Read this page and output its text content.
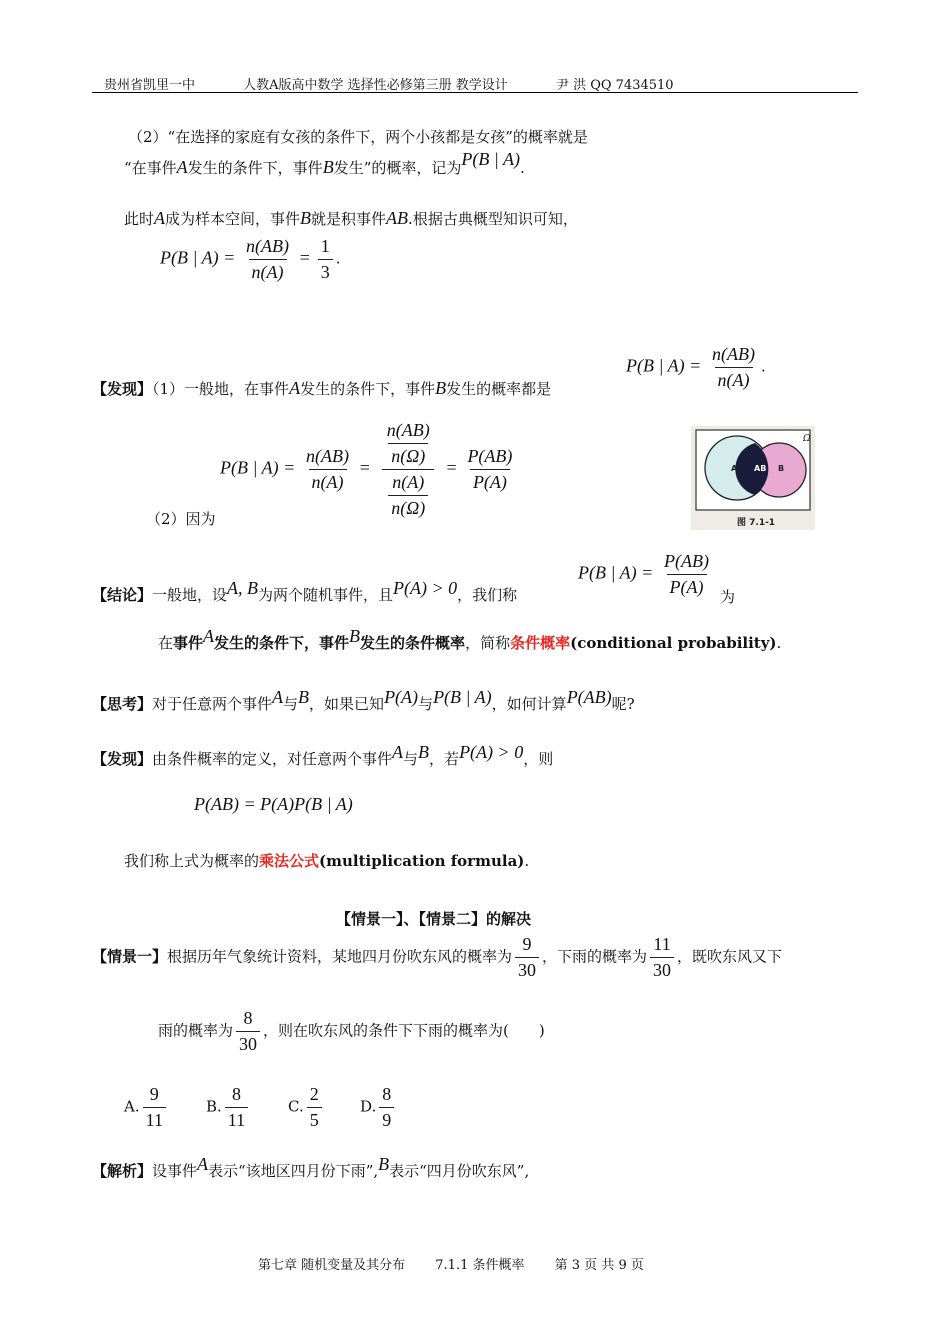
贵州省凯里一中	人教A版高中数学 选择性必修第三册 教学设计	尹 洪 QQ 7434510
（2）“在选择的家庭有女孩的条件下，两个小孩都是女孩”的概率就是
“在事件A发生的条件下，事件B发生”的概率，记为P(B | A).
此时A成为样本空间，事件B就是积事件AB.根据古典概型知识可知，
P(B | $A) = \frac{n(AB)}{n(A)} = \frac{1}{3}$ .
P(B | $A) = \frac{n(AB)}{n(A)}$ .
【发现】（1）一般地，在事件A发生的条件下，事件B发生的概率都是
P(B | $A) = \frac{n(AB)}{n(A)} = \frac{\frac{n(AB)}{n(\Omega)}}{\frac{n(A)}{n(\Omega)}} = \frac{P(AB)}{P(A)}$
（2）因为
Ω
A AB B
图 7.1-1
P(B | $A) = \frac{P(AB)}{P(A)}$
【结论】一般地，设A, B为两个随机事件，且P(A) > 0，我们称	为
在事件A发生的条件下，事件B发生的条件概率，简称条件概率(conditional probability).
【思考】对于任意两个事件A与B，如果已知P(A)与P(B | A)，如何计算P(AB)呢?
【发现】由条件概率的定义，对任意两个事件A与B，若P(A) > 0，则
P(AB) = P(A)P(B | A)
我们称上式为概率的乘法公式(multiplication formula).
【情景一】、【情景二】的解决
【情景一】根据历年气象统计资料，某地四月份吹东风的概率为 $\frac{9}{30}$ ，下雨的概率为 $\frac{11}{30}$ ，既吹东风又下
雨的概率为 $\frac{8}{30}$ ，则在吹东风的条件下下雨的概率为(　　)
A. $\frac{9}{11}$	B. $\frac{8}{11}$	C. $\frac{2}{5}$	D. $\frac{8}{9}$
【解析】设事件A表示“该地区四月份下雨”,B表示“四月份吹东风”,
第七章 随机变量及其分布 7.1.1 条件概率 第 3 页 共 9 页
